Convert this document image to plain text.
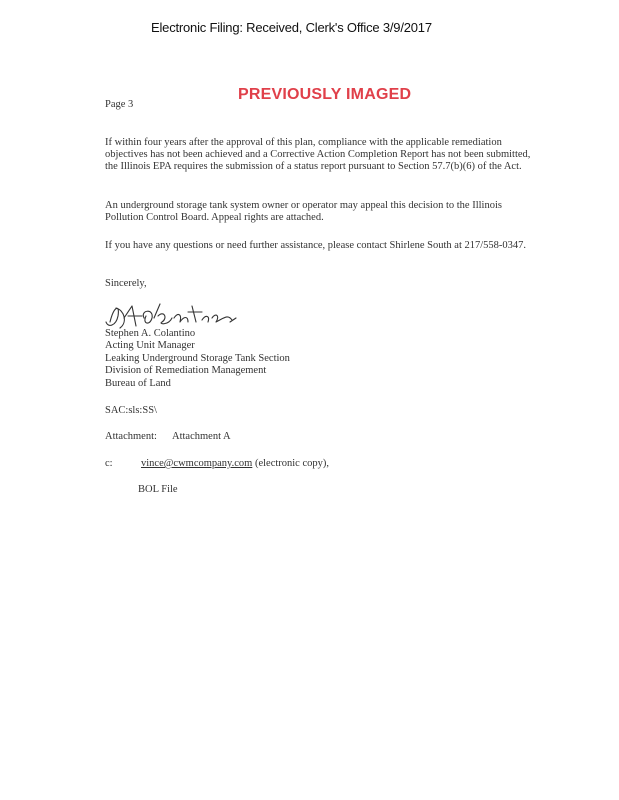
Electronic Filing: Received, Clerk's Office 3/9/2017
PREVIOUSLY IMAGED
Page 3

If within four years after the approval of this plan, compliance with the applicable remediation objectives has not been achieved and a Corrective Action Completion Report has not been submitted, the Illinois EPA requires the submission of a status report pursuant to Section 57.7(b)(6) of the Act.

An underground storage tank system owner or operator may appeal this decision to the Illinois Pollution Control Board. Appeal rights are attached.

If you have any questions or need further assistance, please contact Shirlene South at 217/558-0347.

Sincerely,
Stephen A. Colantino
Acting Unit Manager
Leaking Underground Storage Tank Section
Division of Remediation Management
Bureau of Land
SAC:sls:SS\
Attachment: Attachment A
c:	vince@cwmcompany.com (electronic copy),
BOL File
